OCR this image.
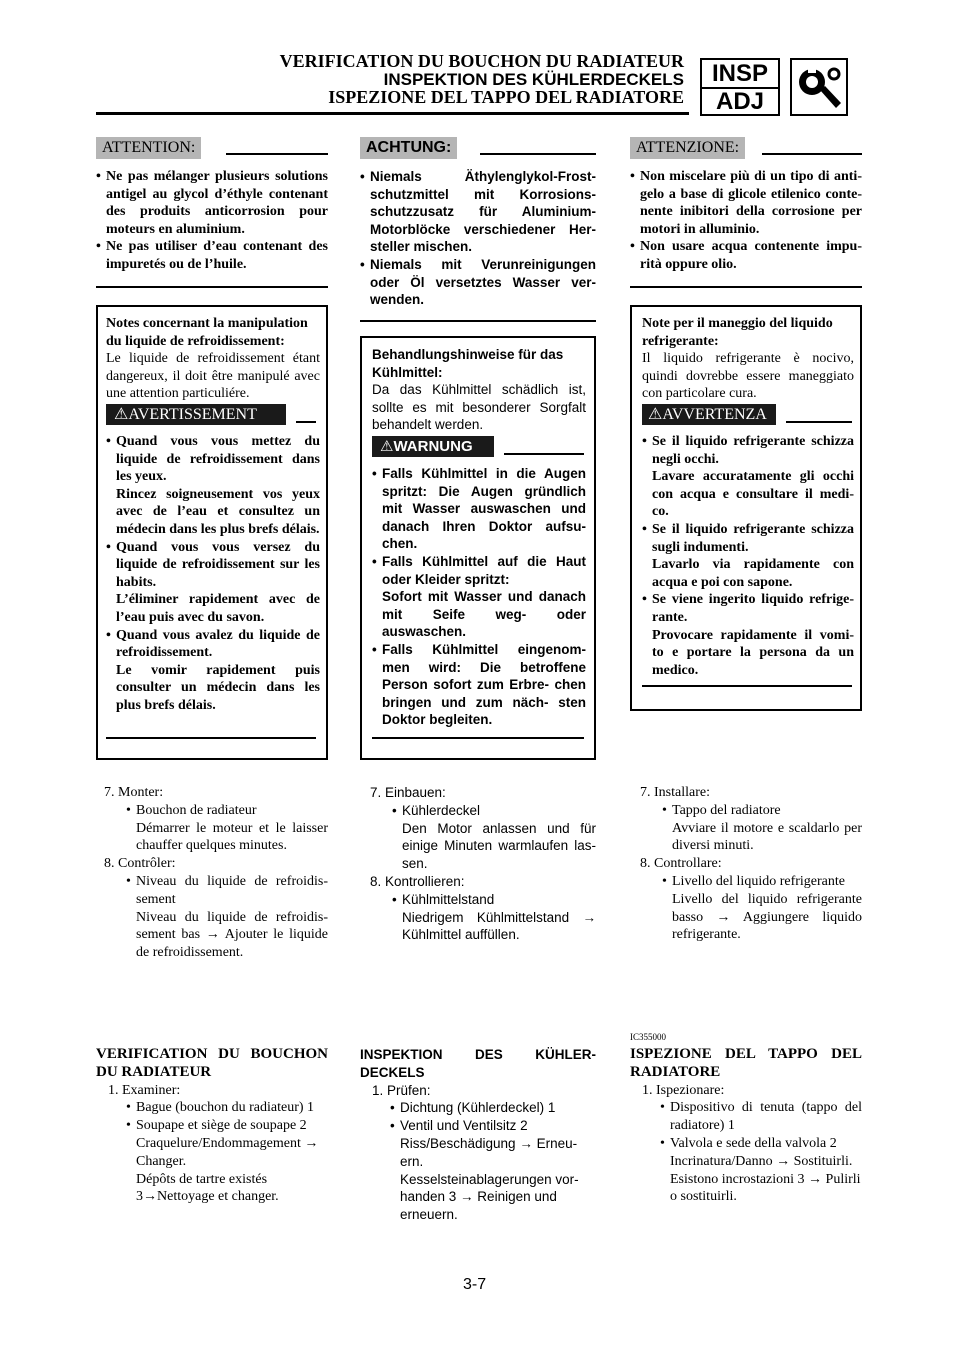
VERIFICATION DU BOUCHON DU RADIATEUR
INSPEKTION DES KÜHLERDECKELS
ISPEZIONE DEL TAPPO DEL RADIATORE
INSP
ADJ
ATTENTION:
• Ne pas mélanger plusieurs solutions antigel au glycol d’éthyle contenant des produits anticorrosion pour moteurs en aluminium.
• Ne pas utiliser d’eau contenant des impuretés ou de l’huile.
Notes concernant la manipulation du liquide de refroidissement:
Le liquide de refroidissement étant dangereux, il doit être manipulé avec une attention particuliére.
⚠AVERTISSEMENT
• Quand vous vous mettez du liquide de refroidissement dans les yeux.
Rincez soigneusement vos yeux avec de l’eau et consultez un médecin dans les plus brefs délais.
• Quand vous vous versez du liquide de refroidissement sur les habits.
L’éliminer rapidement avec de l’eau puis avec du savon.
• Quand vous avalez du liquide de refroidissement.
Le vomir rapidement puis consulter un médecin dans les plus brefs délais.
7. Monter:
• Bouchon de radiateur
Démarrer le moteur et le laisser chauffer quelques minutes.
8. Contrôler:
• Niveau du liquide de refroidis- sement
Niveau du liquide de refroidis- sement bas → Ajouter le liquide de refroidissement.
VERIFICATION DU BOUCHON DU RADIATEUR
1. Examiner:
• Bague (bouchon du radiateur) 1
• Soupape et siège de soupape 2
Craquelure/Endommagement → Changer.
Dépôts de tartre existés 3→Nettoyage et changer.
ACHTUNG:
• Niemals Äthylenglykol-Frost- schutzmittel mit Korrosions- schutzzusatz für Aluminium- Motorblöcke verschiedener Her- steller mischen.
• Niemals mit Verunreinigungen oder Öl versetztes Wasser ver- wenden.
Behandlungshinweise für das Kühlmittel:
Da das Kühlmittel schädlich ist, sollte es mit besonderer Sorgfalt behandelt werden.
⚠WARNUNG
• Falls Kühlmittel in die Augen spritzt: Die Augen gründlich mit Wasser auswaschen und danach Ihren Doktor aufsu- chen.
• Falls Kühlmittel auf die Haut oder Kleider spritzt:
Sofort mit Wasser und danach mit Seife weg- oder auswaschen.
• Falls Kühlmittel eingenom- men wird: Die betroffene Person sofort zum Erbre- chen bringen und zum näch- sten Doktor begleiten.
7. Einbauen:
• Kühlerdeckel
Den Motor anlassen und für einige Minuten warmlaufen las- sen.
8. Kontrollieren:
• Kühlmittelstand
Niedrigem Kühlmittelstand → Kühlmittel auffüllen.
INSPEKTION DES KÜHLER- DECKELS
1. Prüfen:
• Dichtung (Kühlerdeckel) 1
• Ventil und Ventilsitz 2
Riss/Beschädigung → Erneu- ern.
Kesselsteinablagerungen vor- handen 3 → Reinigen und erneuern.
ATTENZIONE:
• Non miscelare più di un tipo di anti- gelo a base di glicole etilenico conte- nente inibitori della corrosione per motori in alluminio.
• Non usare acqua contenente impu- rità oppure olio.
Note per il maneggio del liquido refrigerante:
Il liquido refrigerante è nocivo, quindi dovrebbe essere maneggiato con particolare cura.
⚠AVVERTENZA
• Se il liquido refrigerante schizza negli occhi.
Lavare accuratamente gli occhi con acqua e consultare il medi- co.
• Se il liquido refrigerante schizza sugli indumenti.
Lavarlo via rapidamente con acqua e poi con sapone.
• Se viene ingerito liquido refrige- rante.
Provocare rapidamente il vomi- to e portare la persona da un medico.
7. Installare:
• Tappo del radiatore
Avviare il motore e scaldarlo per diversi minuti.
8. Controllare:
• Livello del liquido refrigerante
Livello del liquido refrigerante basso → Aggiungere liquido refrigerante.
IC355000
ISPEZIONE DEL TAPPO DEL RADIATORE
1. Ispezionare:
• Dispositivo di tenuta (tappo del radiatore) 1
• Valvola e sede della valvola 2
Incrinatura/Danno → Sostituirli.
Esistono incrostazioni 3 → Pulirli o sostituirli.
3-7
